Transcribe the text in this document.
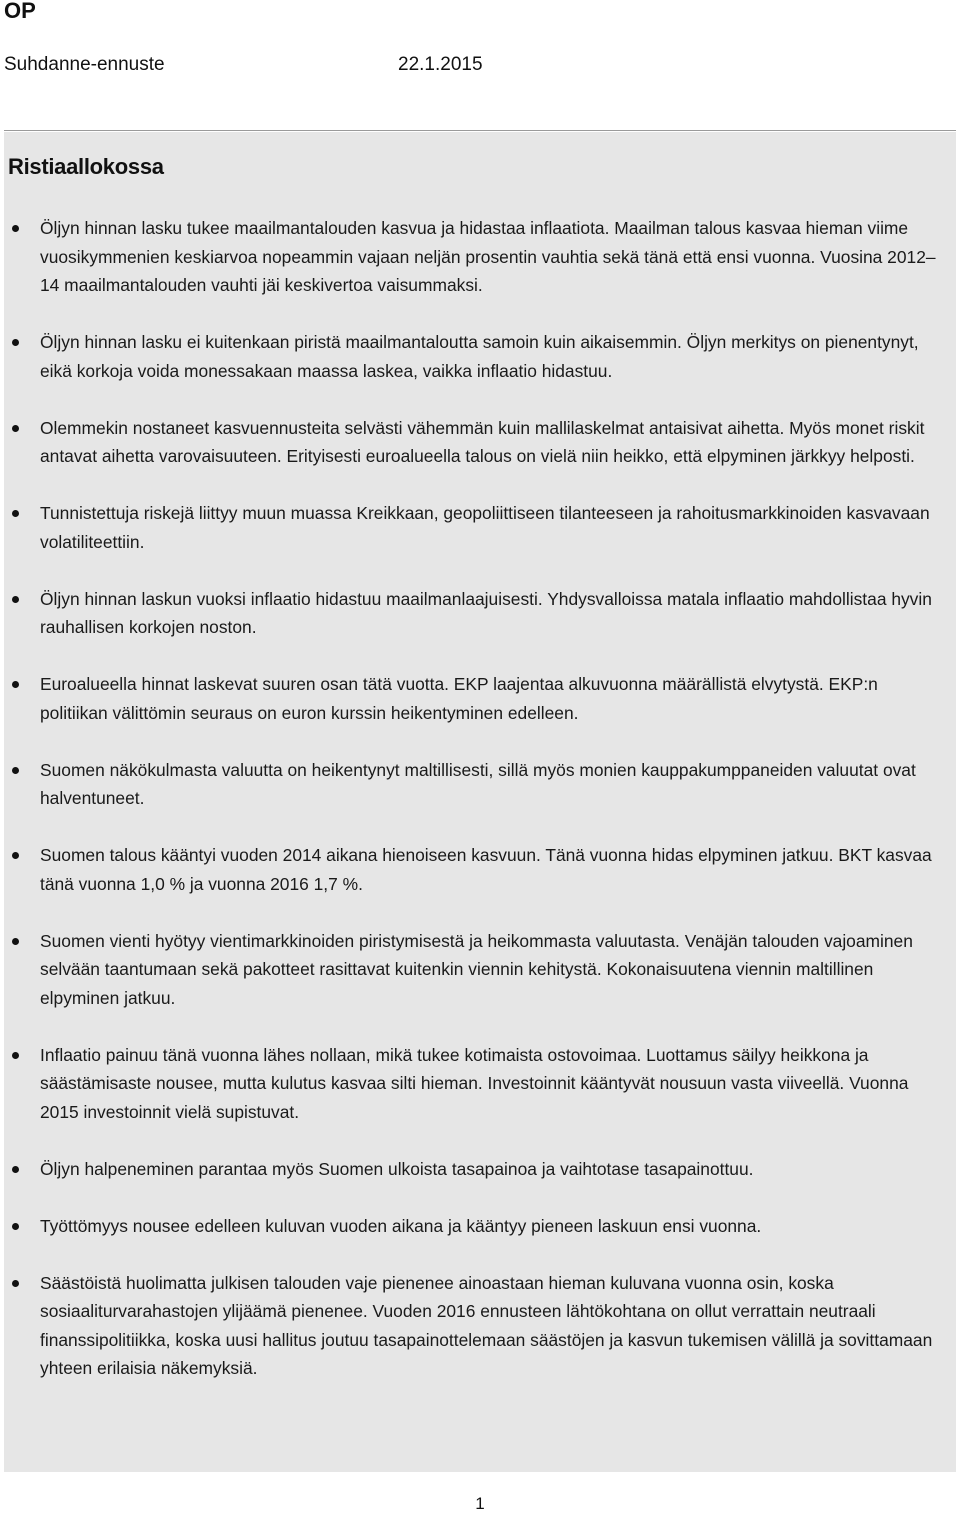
OP
Suhdanne-ennuste	22.1.2015
Ristiaallokossa
Öljyn hinnan lasku tukee maailmantalouden kasvua ja hidastaa inflaatiota. Maailman talous kasvaa hieman viime vuosikymmenien keskiarvoa nopeammin vajaan neljän prosentin vauhtia sekä tänä että ensi vuonna. Vuosina 2012–14 maailmantalouden vauhti jäi keskivertoa vaisummaksi.
Öljyn hinnan lasku ei kuitenkaan piristä maailmantaloutta samoin kuin aikaisemmin. Öljyn merkitys on pienentynyt, eikä korkoja voida monessakaan maassa laskea, vaikka inflaatio hidastuu.
Olemmekin nostaneet kasvuennusteita selvästi vähemmän kuin mallilaskelmat antaisivat aihetta. Myös monet riskit antavat aihetta varovaisuuteen. Erityisesti euroalueella talous on vielä niin heikko, että elpyminen järkkyy helposti.
Tunnistettuja riskejä liittyy muun muassa Kreikkaan, geopoliittiseen tilanteeseen ja rahoitusmarkkinoiden kasvavaan volatiliteettiin.
Öljyn hinnan laskun vuoksi inflaatio hidastuu maailmanlaajuisesti. Yhdysvalloissa matala inflaatio mahdollistaa hyvin rauhallisen korkojen noston.
Euroalueella hinnat laskevat suuren osan tätä vuotta. EKP laajentaa alkuvuonna määrällistä elvytystä. EKP:n politiikan välittömin seuraus on euron kurssin heikentyminen edelleen.
Suomen näkökulmasta valuutta on heikentynyt maltillisesti, sillä myös monien kauppakumppaneiden valuutat ovat halventuneet.
Suomen talous kääntyi vuoden 2014 aikana hienoiseen kasvuun. Tänä vuonna hidas elpyminen jatkuu. BKT kasvaa tänä vuonna 1,0 % ja vuonna 2016 1,7 %.
Suomen vienti hyötyy vientimarkkinoiden piristymisestä ja heikommasta valuutasta. Venäjän talouden vajoaminen selvään taantumaan sekä pakotteet rasittavat kuitenkin viennin kehitystä. Kokonaisuutena viennin maltillinen elpyminen jatkuu.
Inflaatio painuu tänä vuonna lähes nollaan, mikä tukee kotimaista ostovoimaa. Luottamus säilyy heikkona ja säästämisaste nousee, mutta kulutus kasvaa silti hieman. Investoinnit kääntyvät nousuun vasta viiveellä. Vuonna 2015 investoinnit vielä supistuvat.
Öljyn halpeneminen parantaa myös Suomen ulkoista tasapainoa ja vaihtotase tasapainottuu.
Työttömyys nousee edelleen kuluvan vuoden aikana ja kääntyy pieneen laskuun ensi vuonna.
Säästöistä huolimatta julkisen talouden vaje pienenee ainoastaan hieman kuluvana vuonna osin, koska sosiaaliturvarahastojen ylijäämä pienenee. Vuoden 2016 ennusteen lähtökohtana on ollut verrattain neutraali finanssipolitiikka, koska uusi hallitus joutuu tasapainottelemaan säästöjen ja kasvun tukemisen välillä ja sovittamaan yhteen erilaisia näkemyksiä.
1
